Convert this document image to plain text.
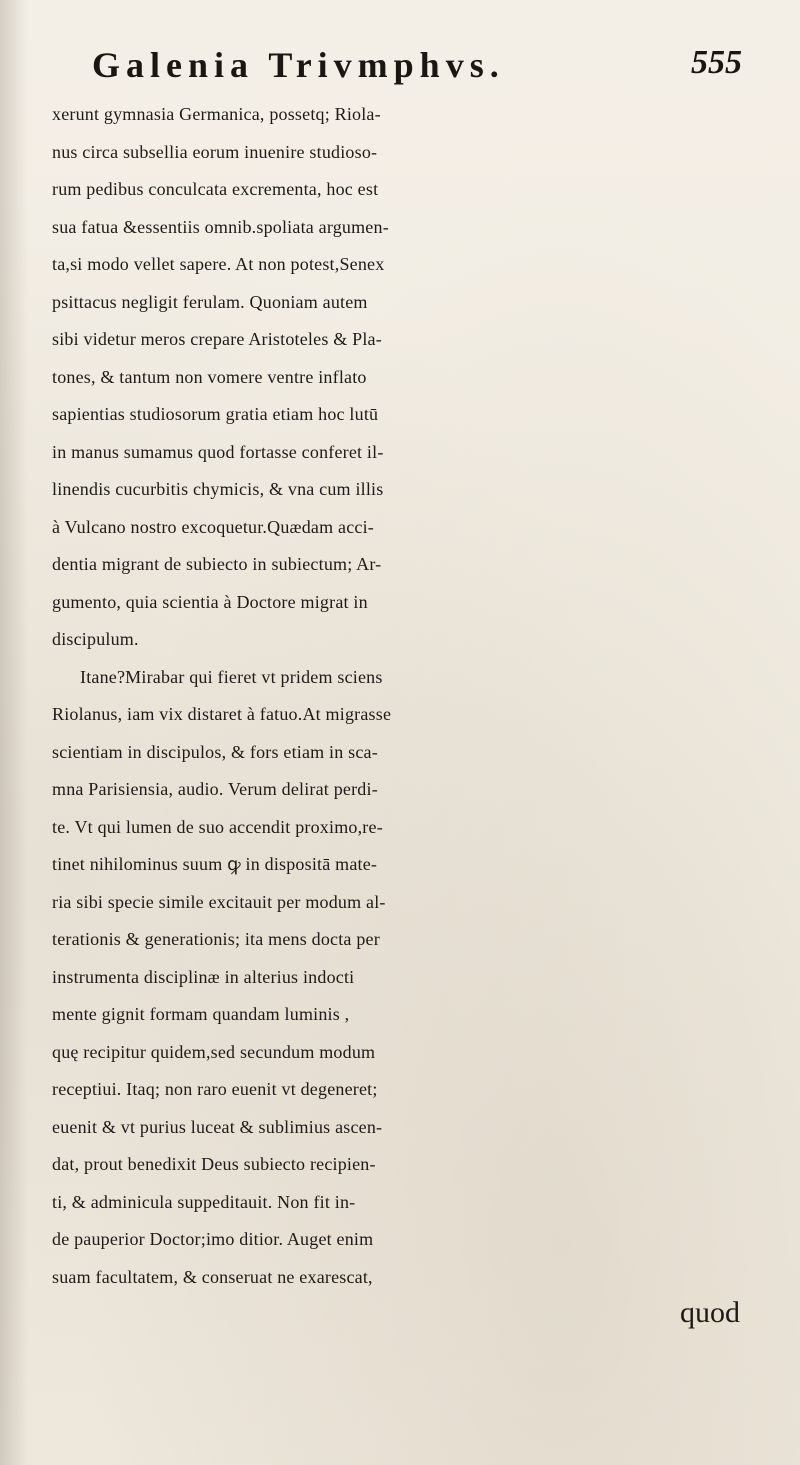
Galenia Trivmphvs.	555
xerunt gymnasia Germanica, possetq; Riola-
nus circa subsellia eorum inuenire studioso-
rum pedibus conculcata excrementa, hoc est
sua fatua &essentiis omnib.spoliata argumen-
ta,si modo vellet sapere. At non potest,Senex
psittacus negligit ferulam. Quoniam autem
sibi videtur meros crepare Aristoteles & Pla-
tones, & tantum non vomere ventre inflato
sapientias studiosorum gratia etiam hoc lutū
in manus sumamus quod fortasse conferet il-
linendis cucurbitis chymicis, & vna cum illis
à Vulcano nostro excoquetur.Quædam acci-
dentia migrant de subiecto in subiectum; Ar-
gumento, quia scientia à Doctore migrat in
discipulum.
Itane?Mirabar qui fieret vt pridem sciens
Riolanus, iam vix distaret à fatuo.At migrasse
scientiam in discipulos, & fors etiam in sca-
mna Parisiensia, audio. Verum delirat perdi-
te. Vt qui lumen de suo accendit proximo,re-
tinet nihilominus suum ꝙ in dispositā mate-
ria sibi specie simile excitauit per modum al-
terationis & generationis; ita mens docta per
instrumenta disciplinæ in alterius indocti
mente gignit formam quandam luminis ,
quę recipitur quidem,sed secundum modum
receptiui. Itaq; non raro euenit vt degeneret;
euenit & vt purius luceat & sublimius ascen-
dat, prout benedixit Deus subiecto recipien-
ti, & adminicula suppeditauit. Non fit in-
de pauperior Doctor;imo ditior. Auget enim
suam facultatem, & conseruat ne exarescat,
quod
